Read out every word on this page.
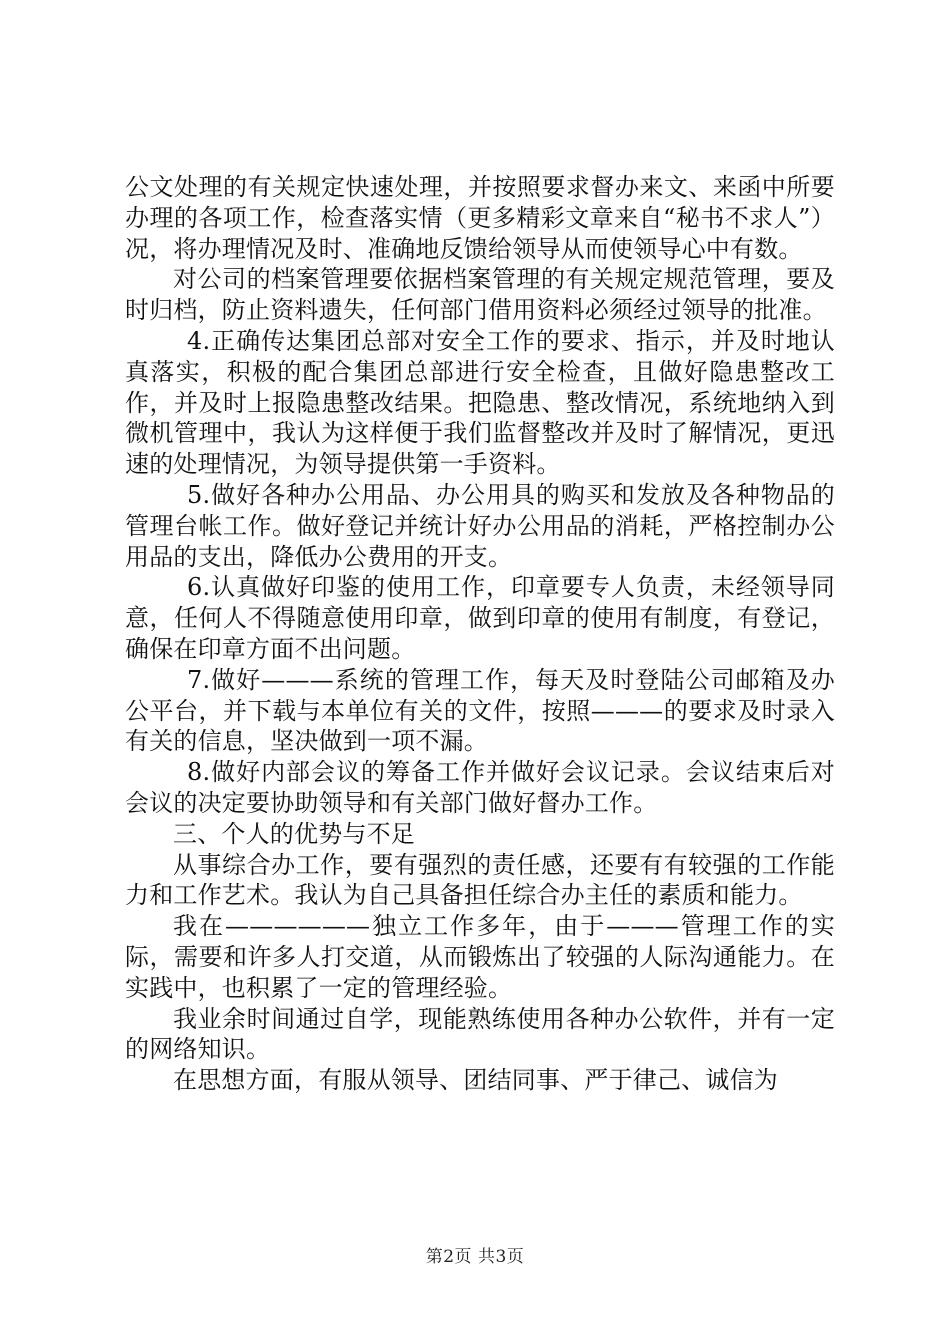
公文处理的有关规定快速处理，并按照要求督办来文、来函中所要办理的各项工作，检查落实情（更多精彩文章来自“秘书不求人”）况，将办理情况及时、准确地反馈给领导从而使领导心中有数。

对公司的档案管理要依据档案管理的有关规定规范管理，要及时归档，防止资料遗失，任何部门借用资料必须经过领导的批准。

4.正确传达集团总部对安全工作的要求、指示，并及时地认真落实，积极的配合集团总部进行安全检查，且做好隐患整改工作，并及时上报隐患整改结果。把隐患、整改情况，系统地纳入到微机管理中，我认为这样便于我们监督整改并及时了解情况，更迅速的处理情况，为领导提供第一手资料。

5.做好各种办公用品、办公用具的购买和发放及各种物品的管理台帐工作。做好登记并统计好办公用品的消耗，严格控制办公用品的支出，降低办公费用的开支。

6.认真做好印鉴的使用工作，印章要专人负责，未经领导同意，任何人不得随意使用印章，做到印章的使用有制度，有登记，确保在印章方面不出问题。

7.做好———系统的管理工作，每天及时登陆公司邮箱及办公平台，并下载与本单位有关的文件，按照———的要求及时录入有关的信息，坚决做到一项不漏。

8.做好内部会议的筹备工作并做好会议记录。会议结束后对会议的决定要协助领导和有关部门做好督办工作。

三、个人的优势与不足

从事综合办工作，要有强烈的责任感，还要有有较强的工作能力和工作艺术。我认为自己具备担任综合办主任的素质和能力。

我在——————独立工作多年，由于———管理工作的实际，需要和许多人打交道，从而锻炼出了较强的人际沟通能力。在实践中，也积累了一定的管理经验。

我业余时间通过自学，现能熟练使用各种办公软件，并有一定的网络知识。

在思想方面，有服从领导、团结同事、严于律己、诚信为

第2页 共3页
